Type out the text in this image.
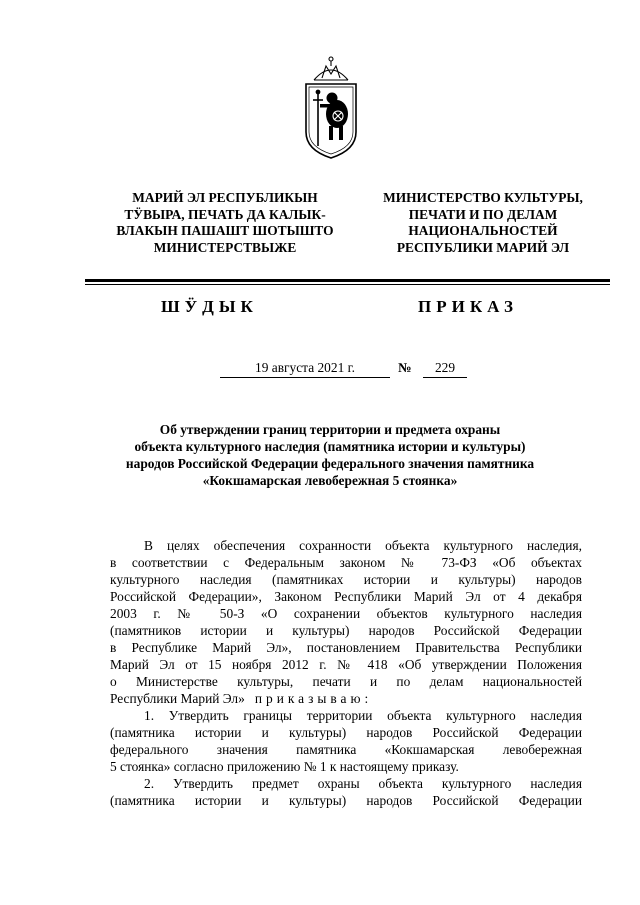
МАРИЙ ЭЛ РЕСПУБЛИКЫН
ТӰВЫРА, ПЕЧАТЬ ДА КАЛЫК-
ВЛАКЫН ПАШАШТ ШОТЫШТО
МИНИСТЕРСТВЫЖЕ
МИНИСТЕРСТВО КУЛЬТУРЫ,
ПЕЧАТИ И ПО ДЕЛАМ
НАЦИОНАЛЬНОСТЕЙ
РЕСПУБЛИКИ МАРИЙ ЭЛ
ШӰДЫК	ПРИКАЗ
19 августа 2021 г.	№	229
Об утверждении границ территории и предмета охраны
объекта культурного наследия (памятника истории и культуры)
народов Российской Федерации федерального значения памятника
«Кокшамарская левобережная 5 стоянка»

В целях обеспечения сохранности объекта культурного наследия,

в соответствии с Федеральным законом № 73-ФЗ «Об объектах

культурного наследия (памятниках истории и культуры) народов

Российской Федерации», Законом Республики Марий Эл от 4 декабря

2003 г. № 50-З «О сохранении объектов культурного наследия

(памятников истории и культуры) народов Российской Федерации

в Республике Марий Эл», постановлением Правительства Республики

Марий Эл от 15 ноября 2012 г. № 418 «Об утверждении Положения

о Министерстве культуры, печати и по делам национальностей

Республики Марий Эл» приказываю:

1. Утвердить границы территории объекта культурного наследия

(памятника истории и культуры) народов Российской Федерации

федерального значения памятника «Кокшамарская левобережная

5 стоянка» согласно приложению № 1 к настоящему приказу.

2. Утвердить предмет охраны объекта культурного наследия

(памятника истории и культуры) народов Российской Федерации
